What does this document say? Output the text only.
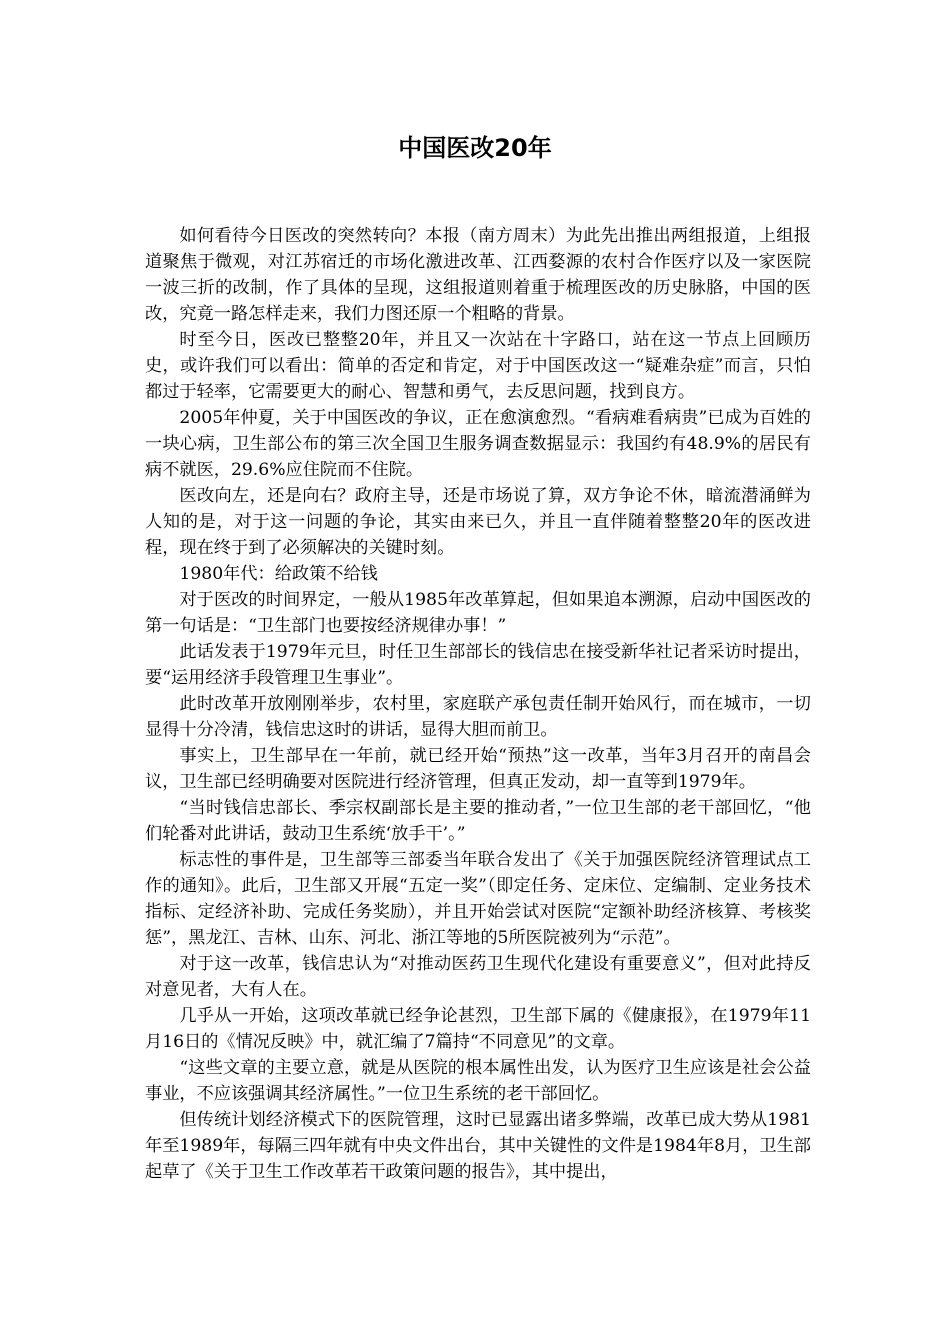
中国医改20年

如何看待今日医改的突然转向？本报（南方周末）为此先出推出两组报道，上组报道聚焦于微观，对江苏宿迁的市场化激进改革、江西婺源的农村合作医疗以及一家医院一波三折的改制，作了具体的呈现，这组报道则着重于梳理医改的历史脉胳，中国的医改，究竟一路怎样走来，我们力图还原一个粗略的背景。

时至今日，医改已整整20年，并且又一次站在十字路口，站在这一节点上回顾历史，或许我们可以看出：简单的否定和肯定，对于中国医改这一“疑难杂症”而言，只怕都过于轻率，它需要更大的耐心、智慧和勇气，去反思问题，找到良方。

2005年仲夏，关于中国医改的争议，正在愈演愈烈。“看病难看病贵”已成为百姓的一块心病，卫生部公布的第三次全国卫生服务调查数据显示：我国约有48.9%的居民有病不就医，29.6%应住院而不住院。

医改向左，还是向右？政府主导，还是市场说了算，双方争论不休，暗流潜涌鲜为人知的是，对于这一问题的争论，其实由来已久，并且一直伴随着整整20年的医改进程，现在终于到了必须解决的关键时刻。

1980年代：给政策不给钱

对于医改的时间界定，一般从1985年改革算起，但如果追本溯源，启动中国医改的第一句话是：“卫生部门也要按经济规律办事！”

此话发表于1979年元旦，时任卫生部部长的钱信忠在接受新华社记者采访时提出，要“运用经济手段管理卫生事业”。

此时改革开放刚刚举步，农村里，家庭联产承包责任制开始风行，而在城市，一切显得十分冷清，钱信忠这时的讲话，显得大胆而前卫。

事实上，卫生部早在一年前，就已经开始“预热”这一改革，当年3月召开的南昌会议，卫生部已经明确要对医院进行经济管理，但真正发动，却一直等到1979年。

“当时钱信忠部长、季宗权副部长是主要的推动者，”一位卫生部的老干部回忆，“他们轮番对此讲话，鼓动卫生系统‘放手干’。”

标志性的事件是，卫生部等三部委当年联合发出了《关于加强医院经济管理试点工作的通知》。此后，卫生部又开展“五定一奖”（即定任务、定床位、定编制、定业务技术指标、定经济补助、完成任务奖励），并且开始尝试对医院“定额补助经济核算、考核奖惩”，黑龙江、吉林、山东、河北、浙江等地的5所医院被列为“示范”。

对于这一改革，钱信忠认为“对推动医药卫生现代化建设有重要意义”，但对此持反对意见者，大有人在。

几乎从一开始，这项改革就已经争论甚烈，卫生部下属的《健康报》，在1979年11月16日的《情况反映》中，就汇编了7篇持“不同意见”的文章。

“这些文章的主要立意，就是从医院的根本属性出发，认为医疗卫生应该是社会公益事业，不应该强调其经济属性。”一位卫生系统的老干部回忆。

但传统计划经济模式下的医院管理，这时已显露出诸多弊端，改革已成大势从1981年至1989年，每隔三四年就有中央文件出台，其中关键性的文件是1984年8月，卫生部起草了《关于卫生工作改革若干政策问题的报告》，其中提出，
